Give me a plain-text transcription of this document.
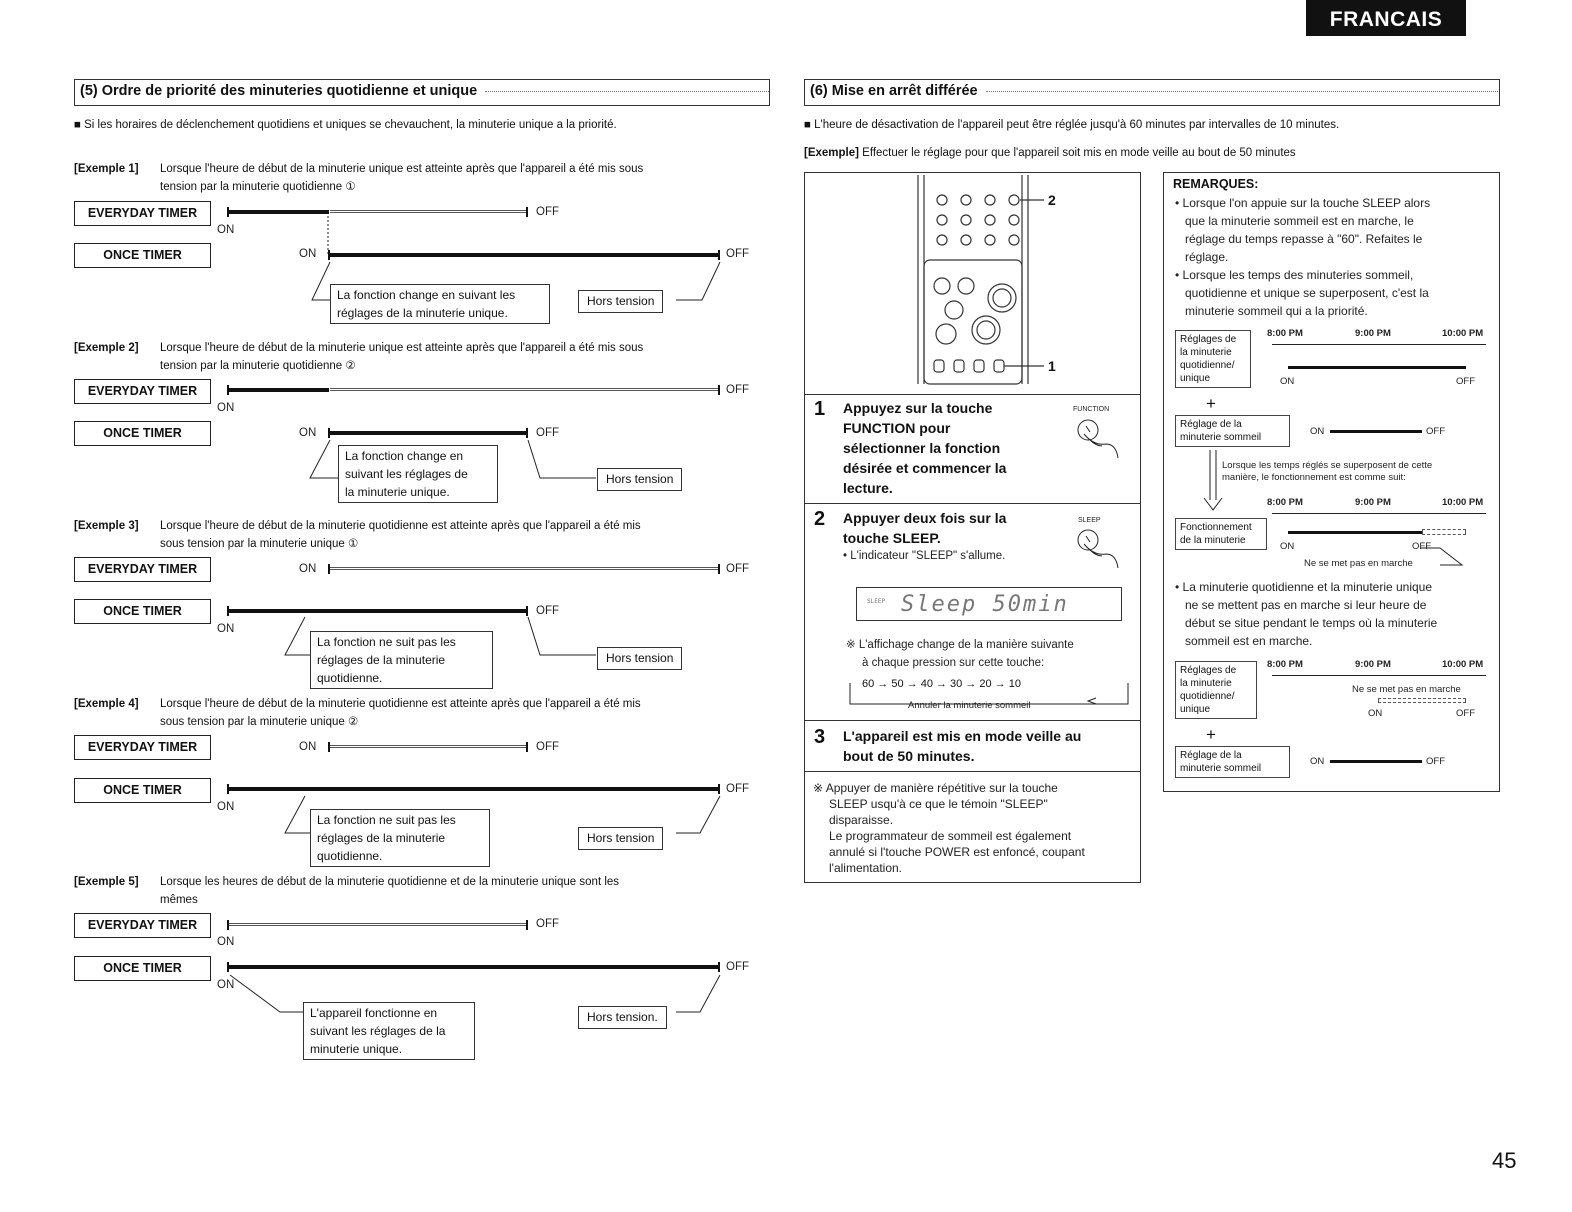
FRANCAIS
(5) Ordre de priorité des minuteries quotidienne et unique
■ Si les horaires de déclenchement quotidiens et uniques se chevauchent, la minuterie unique a la priorité.
[Exemple 1] Lorsque l'heure de début de la minuterie unique est atteinte après que l'appareil a été mis sous
tension par la minuterie quotidienne ①
EVERYDAY TIMER	OFF
ON
ONCE TIMER	ON	OFF
La fonction change en suivant les
réglages de la minuterie unique.
Hors tension
[Exemple 2] Lorsque l'heure de début de la minuterie unique est atteinte après que l'appareil a été mis sous
tension par la minuterie quotidienne ②
EVERYDAY TIMER	OFF
ON
ONCE TIMER	ON	OFF
La fonction change en
suivant les réglages de
la minuterie unique.
Hors tension
[Exemple 3] Lorsque l'heure de début de la minuterie quotidienne est atteinte après que l'appareil a été mis
sous tension par la minuterie unique ①
EVERYDAY TIMER	ON	OFF
ONCE TIMER	OFF
ON
La fonction ne suit pas les
réglages de la minuterie
quotidienne.
Hors tension
[Exemple 4] Lorsque l'heure de début de la minuterie quotidienne est atteinte après que l'appareil a été mis
sous tension par la minuterie unique ②
EVERYDAY TIMER	ON	OFF
ONCE TIMER	OFF
ON
La fonction ne suit pas les
réglages de la minuterie
quotidienne.
Hors tension
[Exemple 5] Lorsque les heures de début de la minuterie quotidienne et de la minuterie unique sont les
mêmes
EVERYDAY TIMER	OFF
ON
ONCE TIMER	OFF
ON
L'appareil fonctionne en
suivant les réglages de la
minuterie unique.
Hors tension.
(6) Mise en arrêt différée
■ L'heure de désactivation de l'appareil peut être réglée jusqu'à 60 minutes par intervalles de 10 minutes.
[Exemple] Effectuer le réglage pour que l'appareil soit mis en mode veille au bout de 50 minutes
2
1
1 Appuyez sur la touche
FUNCTION pour
sélectionner la fonction
désirée et commencer la
lecture.
FUNCTION
2 Appuyer deux fois sur la
touche SLEEP.
• L'indicateur "SLEEP" s'allume.
SLEEP
SLEEP Sleep 50min
※ L'affichage change de la manière suivante
à chaque pression sur cette touche:
60 → 50 → 40 → 30 → 20 → 10
Annuler la minuterie sommeil
3 L'appareil est mis en mode veille au
bout de 50 minutes.
※ Appuyer de manière répétitive sur la touche
SLEEP usqu'à ce que le témoin "SLEEP"
disparaisse.
Le programmateur de sommeil est également
annulé si l'touche POWER est enfoncé, coupant
l'alimentation.
REMARQUES:
• Lorsque l'on appuie sur la touche SLEEP alors
que la minuterie sommeil est en marche, le
réglage du temps repasse à "60". Refaites le
réglage.
• Lorsque les temps des minuteries sommeil,
quotidienne et unique se superposent, c'est la
minuterie sommeil qui a la priorité.
Réglages de
la minuterie
quotidienne/
unique
8:00 PM	9:00 PM	10:00 PM
ON	OFF
+
Réglage de la
minuterie sommeil
ON	OFF
Lorsque les temps réglés se superposent de cette
manière, le fonctionnement est comme suit:
8:00 PM	9:00 PM	10:00 PM
Fonctionnement
de la minuterie
ON	OFF
Ne se met pas en marche
• La minuterie quotidienne et la minuterie unique
ne se mettent pas en marche si leur heure de
début se situe pendant le temps où la minuterie
sommeil est en marche.
Réglages de
la minuterie
quotidienne/
unique
8:00 PM	9:00 PM	10:00 PM
Ne se met pas en marche
ON	OFF
+
Réglage de la
minuterie sommeil
ON	OFF
45
